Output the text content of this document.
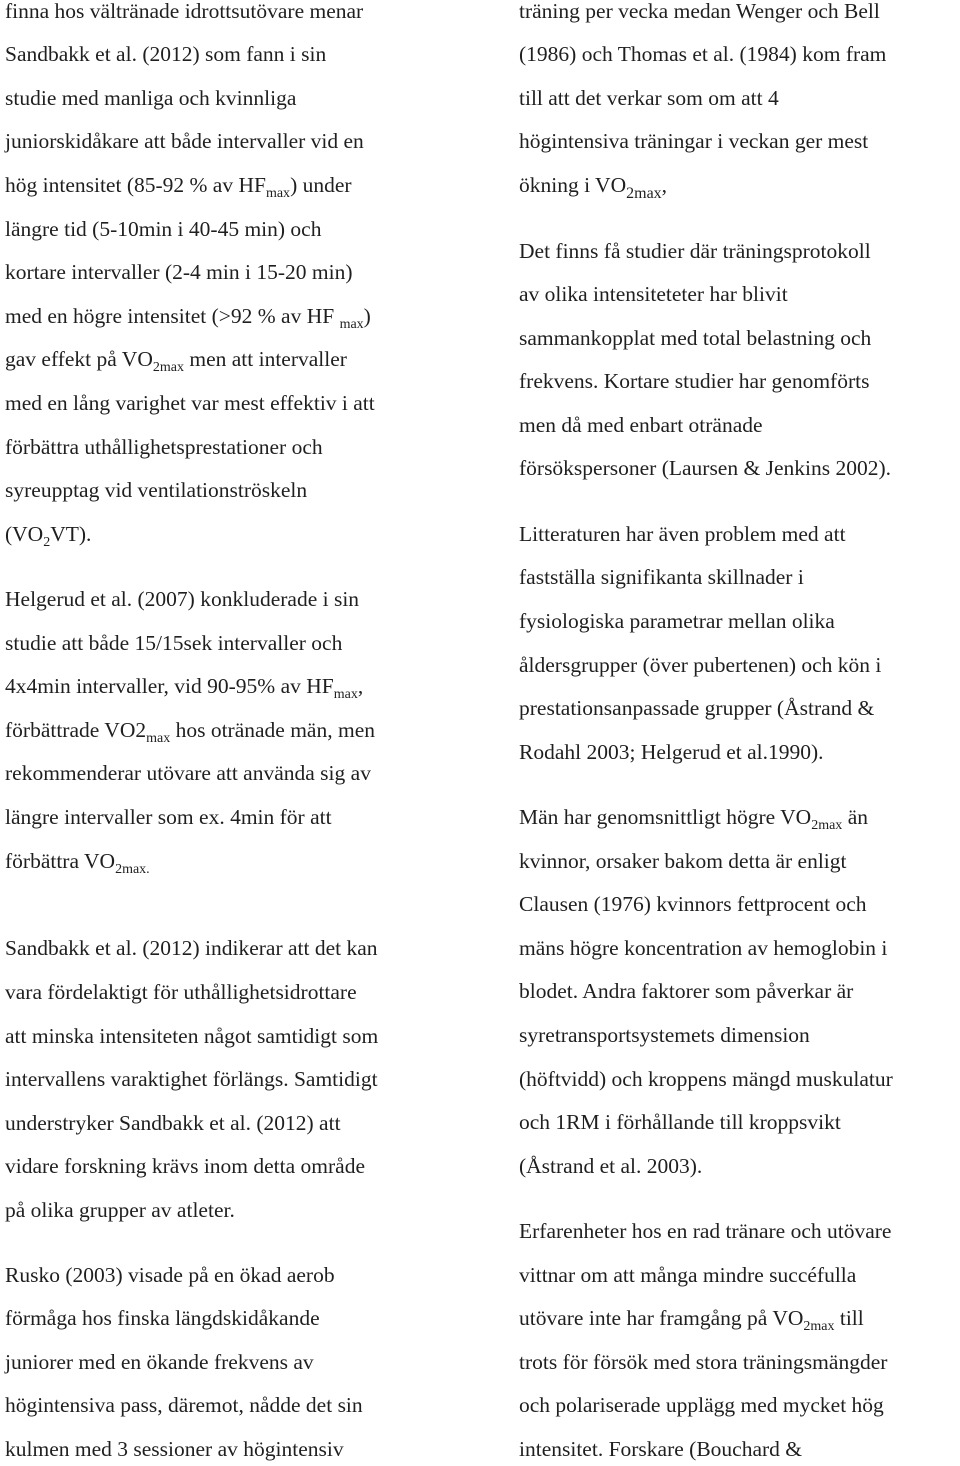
finna hos vältränade idrottsutövare menar
Sandbakk et al. (2012) som fann i sin
studie med manliga och kvinnliga
juniorskidåkare att både intervaller vid en
hög intensitet (85-92 % av $HF_{max}$) under
längre tid (5-10min i 40-45 min) och
kortare intervaller (2-4 min i 15-20 min)
med en högre intensitet (>92 % av HF $_{max}$)
gav effekt på $VO_{2max}$ men att intervaller
med en lång varighet var mest effektiv i att
förbättra uthållighetsprestationer och
syreupptag vid ventilationströskeln
$(VO_2VT)$.
Helgerud et al. (2007) konkluderade i sin
studie att både 15/15sek intervaller och
4x4min intervaller, vid 90-95% av $HF_{max}$,
förbättrade $VO2_{max}$ hos otränade män, men
rekommenderar utövare att använda sig av
längre intervaller som ex. 4min för att
förbättra $VO_{2max.}$
Sandbakk et al. (2012) indikerar att det kan
vara fördelaktigt för uthållighetsidrottare
att minska intensiteten något samtidigt som
intervallens varaktighet förlängs. Samtidigt
understryker Sandbakk et al. (2012) att
vidare forskning krävs inom detta område
på olika grupper av atleter.
Rusko (2003) visade på en ökad aerob
förmåga hos finska längdskidåkande
juniorer med en ökande frekvens av
högintensiva pass, däremot, nådde det sin
kulmen med 3 sessioner av högintensiv
träning per vecka medan Wenger och Bell
(1986) och Thomas et al. (1984) kom fram
till att det verkar som om att 4
högintensiva träningar i veckan ger mest
ökning i $VO_{2max}$,
Det finns få studier där träningsprotokoll
av olika intensiteteter har blivit
sammankopplat med total belastning och
frekvens. Kortare studier har genomförts
men då med enbart otränade
försökspersoner (Laursen & Jenkins 2002).
Litteraturen har även problem med att
fastställa signifikanta skillnader i
fysiologiska parametrar mellan olika
åldersgrupper (över pubertenen) och kön i
prestationsanpassade grupper (Åstrand &
Rodahl 2003; Helgerud et al.1990).
Män har genomsnittligt högre $VO_{2max}$ än
kvinnor, orsaker bakom detta är enligt
Clausen (1976) kvinnors fettprocent och
mäns högre koncentration av hemoglobin i
blodet. Andra faktorer som påverkar är
syretransportsystemets dimension
(höftvidd) och kroppens mängd muskulatur
och 1RM i förhållande till kroppsvikt
(Åstrand et al. 2003).
Erfarenheter hos en rad tränare och utövare
vittnar om att många mindre succéfulla
utövare inte har framgång på $VO_{2max}$ till
trots för försök med stora träningsmängder
och polariserade upplägg med mycket hög
intensitet. Forskare (Bouchard &
